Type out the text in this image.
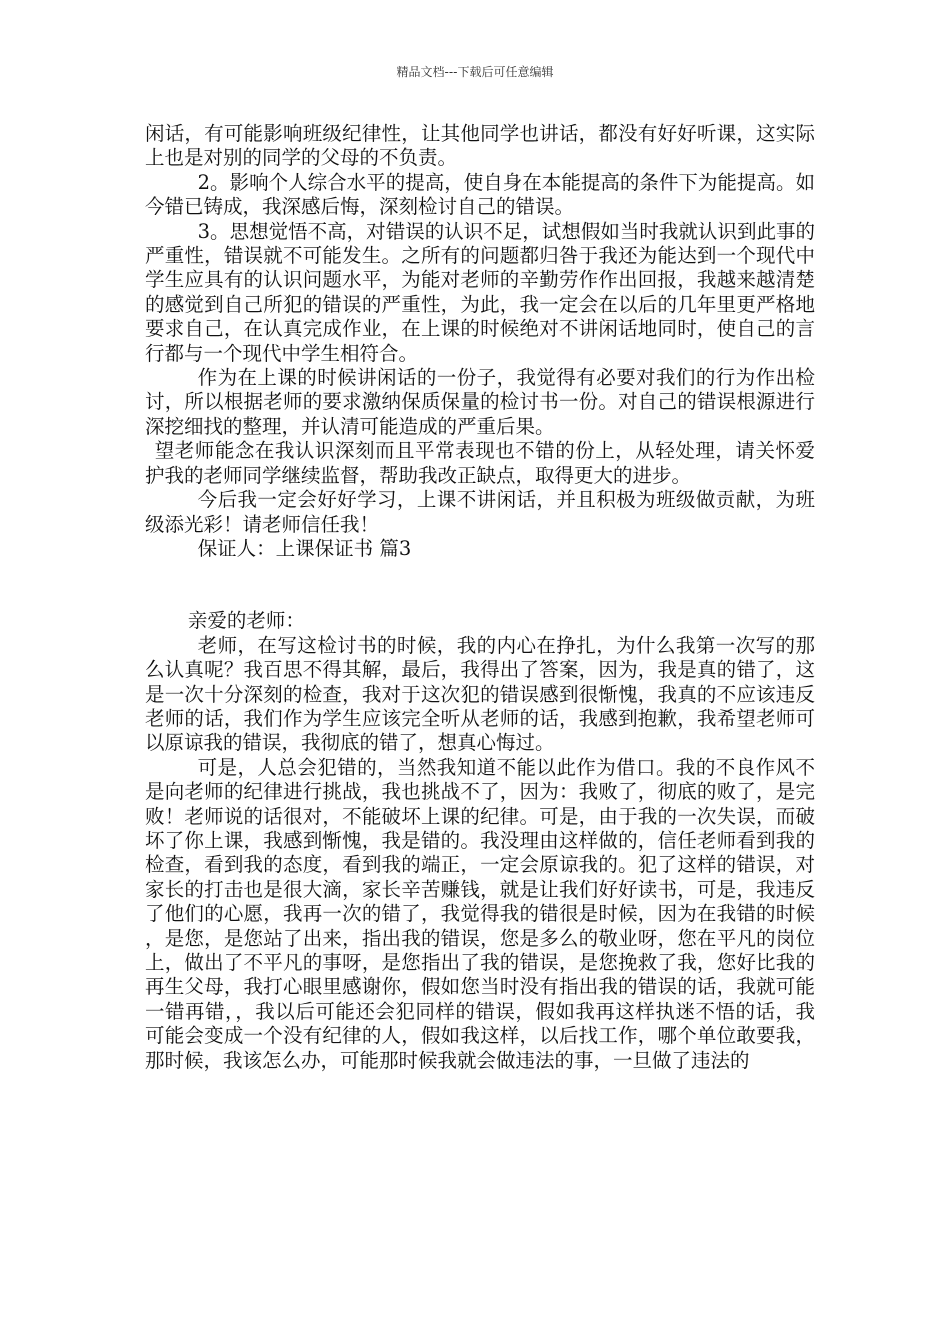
精品文档---下载后可任意编辑

闲话，有可能影响班级纪律性，让其他同学也讲话，都没有好好听课，这实际上也是对别的同学的父母的不负责。

2。影响个人综合水平的提高，使自身在本能提高的条件下为能提高。如今错已铸成，我深感后悔，深刻检讨自己的错误。

3。思想觉悟不高，对错误的认识不足，试想假如当时我就认识到此事的严重性，错误就不可能发生。之所有的问题都归咎于我还为能达到一个现代中学生应具有的认识问题水平，为能对老师的辛勤劳作作出回报，我越来越清楚的感觉到自己所犯的错误的严重性，为此，我一定会在以后的几年里更严格地要求自己，在认真完成作业，在上课的时候绝对不讲闲话地同时，使自己的言行都与一个现代中学生相符合。

作为在上课的时候讲闲话的一份子，我觉得有必要对我们的行为作出检讨，所以根据老师的要求激纳保质保量的检讨书一份。对自己的错误根源进行深挖细找的整理，并认清可能造成的严重后果。

望老师能念在我认识深刻而且平常表现也不错的份上，从轻处理，请关怀爱护我的老师同学继续监督，帮助我改正缺点，取得更大的进步。

今后我一定会好好学习，上课不讲闲话，并且积极为班级做贡献，为班级添光彩！请老师信任我！

保证人：上课保证书 篇3

亲爱的老师：

老师，在写这检讨书的时候，我的内心在挣扎，为什么我第一次写的那么认真呢？我百思不得其解，最后，我得出了答案，因为，我是真的错了，这是一次十分深刻的检查，我对于这次犯的错误感到很惭愧，我真的不应该违反老师的话，我们作为学生应该完全听从老师的话，我感到抱歉，我希望老师可以原谅我的错误，我彻底的错了，想真心悔过。

可是，人总会犯错的，当然我知道不能以此作为借口。我的不良作风不是向老师的纪律进行挑战，我也挑战不了，因为：我败了，彻底的败了，是完败！老师说的话很对，不能破坏上课的纪律。可是，由于我的一次失误，而破坏了你上课，我感到惭愧，我是错的。我没理由这样做的，信任老师看到我的检查，看到我的态度，看到我的端正，一定会原谅我的。犯了这样的错误，对家长的打击也是很大滴，家长辛苦赚钱，就是让我们好好读书，可是，我违反了他们的心愿，我再一次的错了，我觉得我的错很是时候，因为在我错的时候，是您，是您站了出来，指出我的错误，您是多么的敬业呀，您在平凡的岗位上，做出了不平凡的事呀，是您指出了我的错误，是您挽救了我，您好比我的再生父母，我打心眼里感谢你，假如您当时没有指出我的错误的话，我就可能一错再错，，我以后可能还会犯同样的错误，假如我再这样执迷不悟的话，我可能会变成一个没有纪律的人，假如我这样，以后找工作，哪个单位敢要我，那时候，我该怎么办，可能那时候我就会做违法的事，一旦做了违法的
